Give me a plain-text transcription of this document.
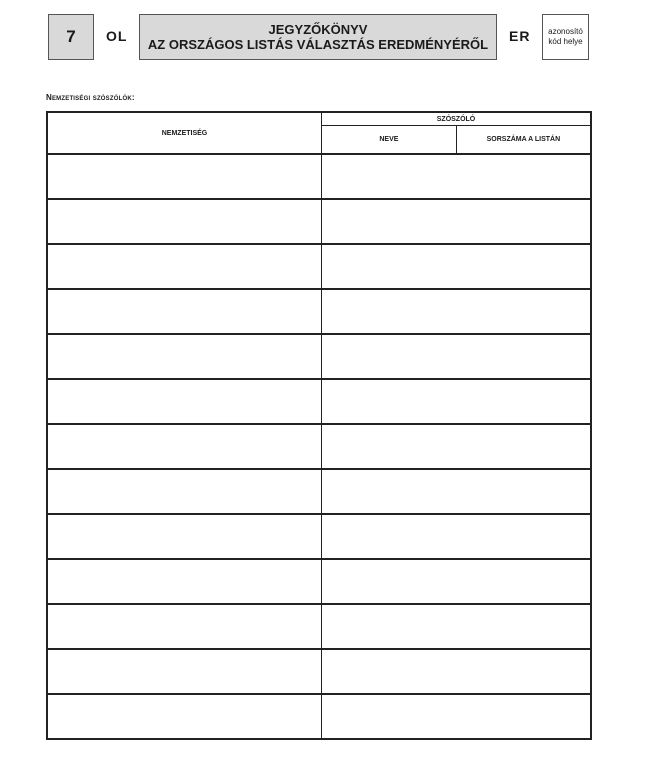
7	OL	JEGYZŐKÖNYV
AZ ORSZÁGOS LISTÁS VÁLASZTÁS EREDMÉNYÉRŐL
ER	azonosító kód helye
Nemzetiségi szószólók:
NEMZETISÉG	SZÓSZÓLÓ	
	NEVE	SORSZÁMA A LISTÁN
